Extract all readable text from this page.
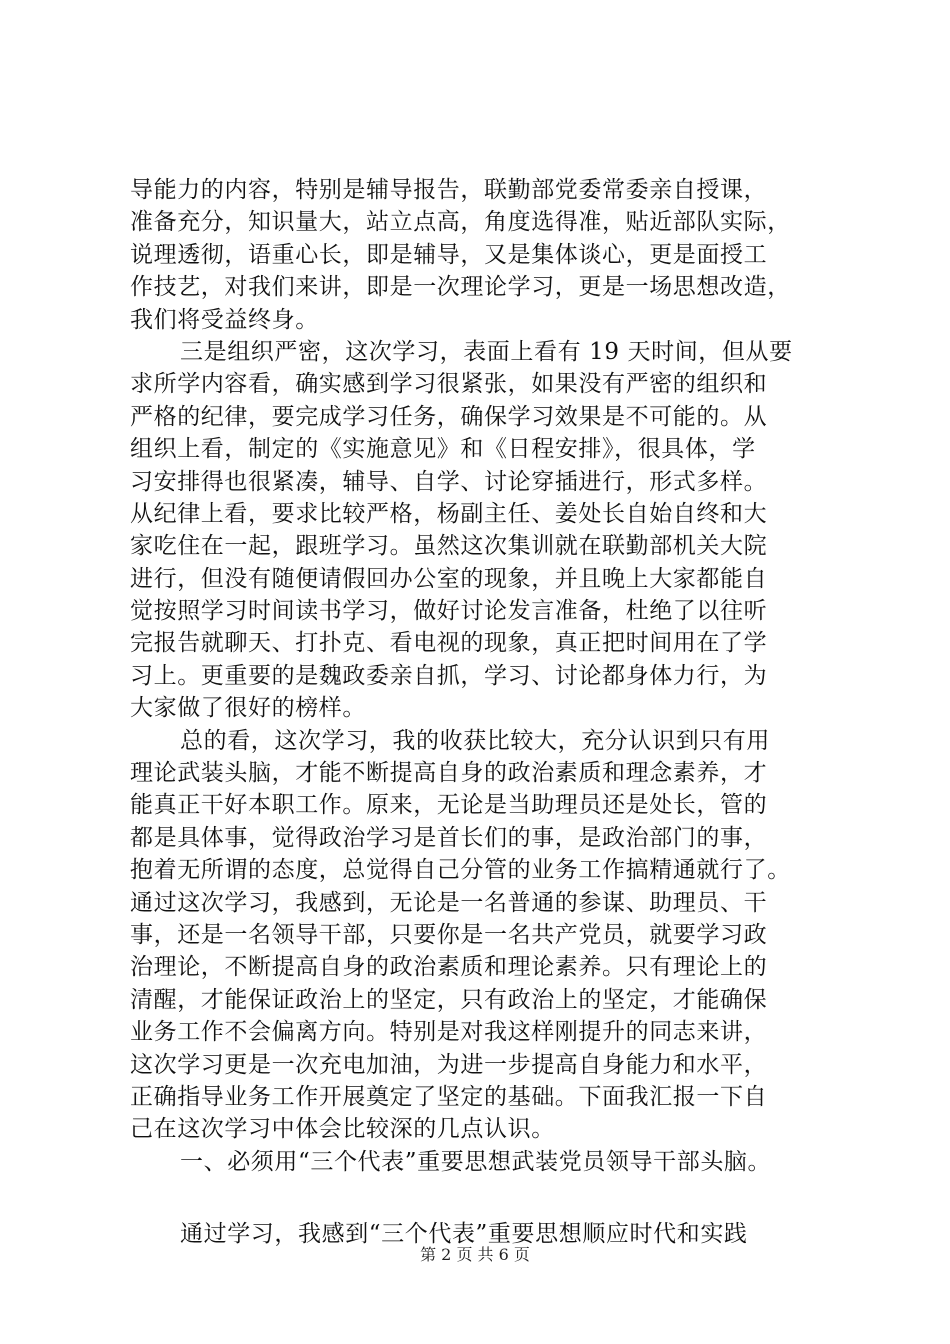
导能力的内容，特别是辅导报告，联勤部党委常委亲自授课，
准备充分，知识量大，站立点高，角度选得准，贴近部队实际，
说理透彻，语重心长，即是辅导，又是集体谈心，更是面授工
作技艺，对我们来讲，即是一次理论学习，更是一场思想改造，
我们将受益终身。
三是组织严密，这次学习，表面上看有 19 天时间，但从要
求所学内容看，确实感到学习很紧张，如果没有严密的组织和
严格的纪律，要完成学习任务，确保学习效果是不可能的。从
组织上看，制定的《实施意见》和《日程安排》，很具体，学
习安排得也很紧凑，辅导、自学、讨论穿插进行，形式多样。
从纪律上看，要求比较严格，杨副主任、姜处长自始自终和大
家吃住在一起，跟班学习。虽然这次集训就在联勤部机关大院
进行，但没有随便请假回办公室的现象，并且晚上大家都能自
觉按照学习时间读书学习，做好讨论发言准备，杜绝了以往听
完报告就聊天、打扑克、看电视的现象，真正把时间用在了学
习上。更重要的是魏政委亲自抓，学习、讨论都身体力行，为
大家做了很好的榜样。
总的看，这次学习，我的收获比较大，充分认识到只有用
理论武装头脑，才能不断提高自身的政治素质和理念素养，才
能真正干好本职工作。原来，无论是当助理员还是处长，管的
都是具体事，觉得政治学习是首长们的事，是政治部门的事，
抱着无所谓的态度，总觉得自己分管的业务工作搞精通就行了。
通过这次学习，我感到，无论是一名普通的参谋、助理员、干
事，还是一名领导干部，只要你是一名共产党员，就要学习政
治理论，不断提高自身的政治素质和理论素养。只有理论上的
清醒，才能保证政治上的坚定，只有政治上的坚定，才能确保
业务工作不会偏离方向。特别是对我这样刚提升的同志来讲，
这次学习更是一次充电加油，为进一步提高自身能力和水平，
正确指导业务工作开展奠定了坚定的基础。下面我汇报一下自
己在这次学习中体会比较深的几点认识。
一、必须用“三个代表”重要思想武装党员领导干部头脑。
通过学习，我感到“三个代表”重要思想顺应时代和实践
第 2 页 共 6 页
